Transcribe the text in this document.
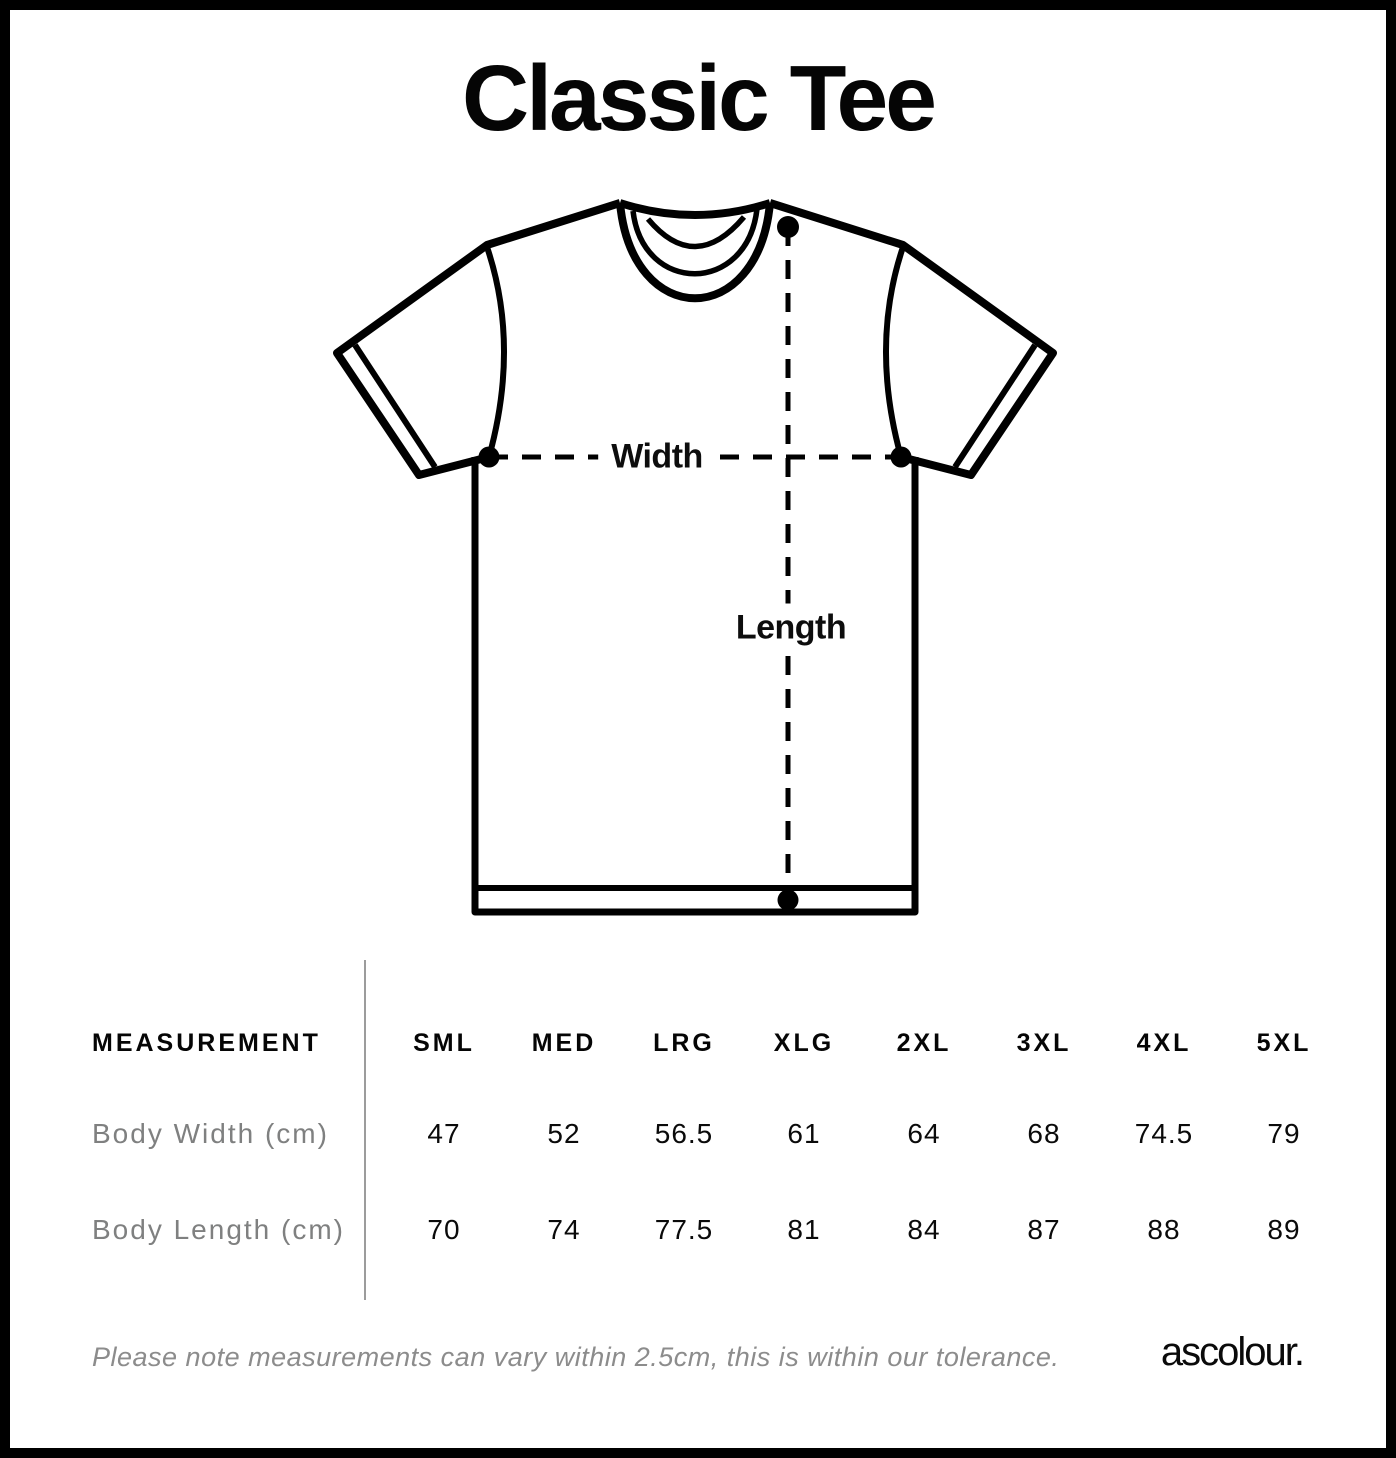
Classic Tee
Width
Length
MEASUREMENT	SML	MED	LRG	XLG	2XL	3XL	4XL	5XL
Body Width (cm)	47	52	56.5	61	64	68	74.5	79
Body Length (cm)	70	74	77.5	81	84	87	88	89
Please note measurements can vary within 2.5cm, this is within our tolerance.	ascolour.
